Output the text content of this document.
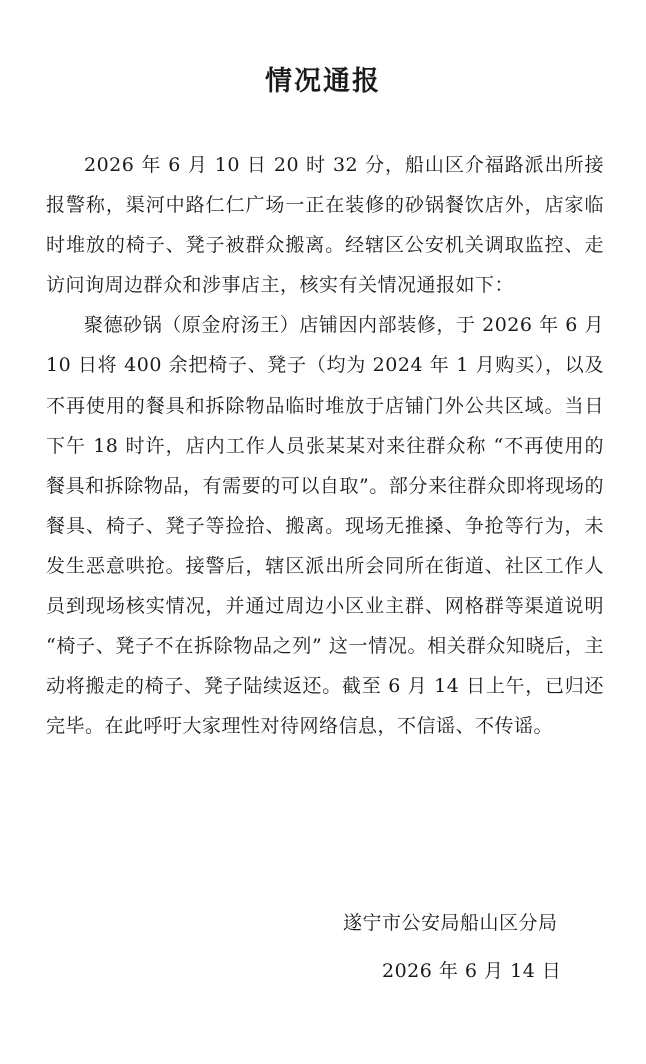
情况通报

2026 年 6 月 10 日 20 时 32 分，船山区介福路派出所接报警称，渠河中路仁仁广场一正在装修的砂锅餐饮店外，店家临时堆放的椅子、凳子被群众搬离。经辖区公安机关调取监控、走访问询周边群众和涉事店主，核实有关情况通报如下：

聚德砂锅（原金府汤王）店铺因内部装修，于 2026 年 6 月 10 日将 400 余把椅子、凳子（均为 2024 年 1 月购买），以及不再使用的餐具和拆除物品临时堆放于店铺门外公共区域。当日下午 18 时许，店内工作人员张某某对来往群众称 “不再使用的餐具和拆除物品，有需要的可以自取”。部分来往群众即将现场的餐具、椅子、凳子等捡拾、搬离。现场无推搡、争抢等行为，未发生恶意哄抢。接警后，辖区派出所会同所在街道、社区工作人员到现场核实情况，并通过周边小区业主群、网格群等渠道说明 “椅子、凳子不在拆除物品之列” 这一情况。相关群众知晓后，主动将搬走的椅子、凳子陆续返还。截至 6 月 14 日上午，已归还完毕。在此呼吁大家理性对待网络信息，不信谣、不传谣。

遂宁市公安局船山区分局
2026 年 6 月 14 日
